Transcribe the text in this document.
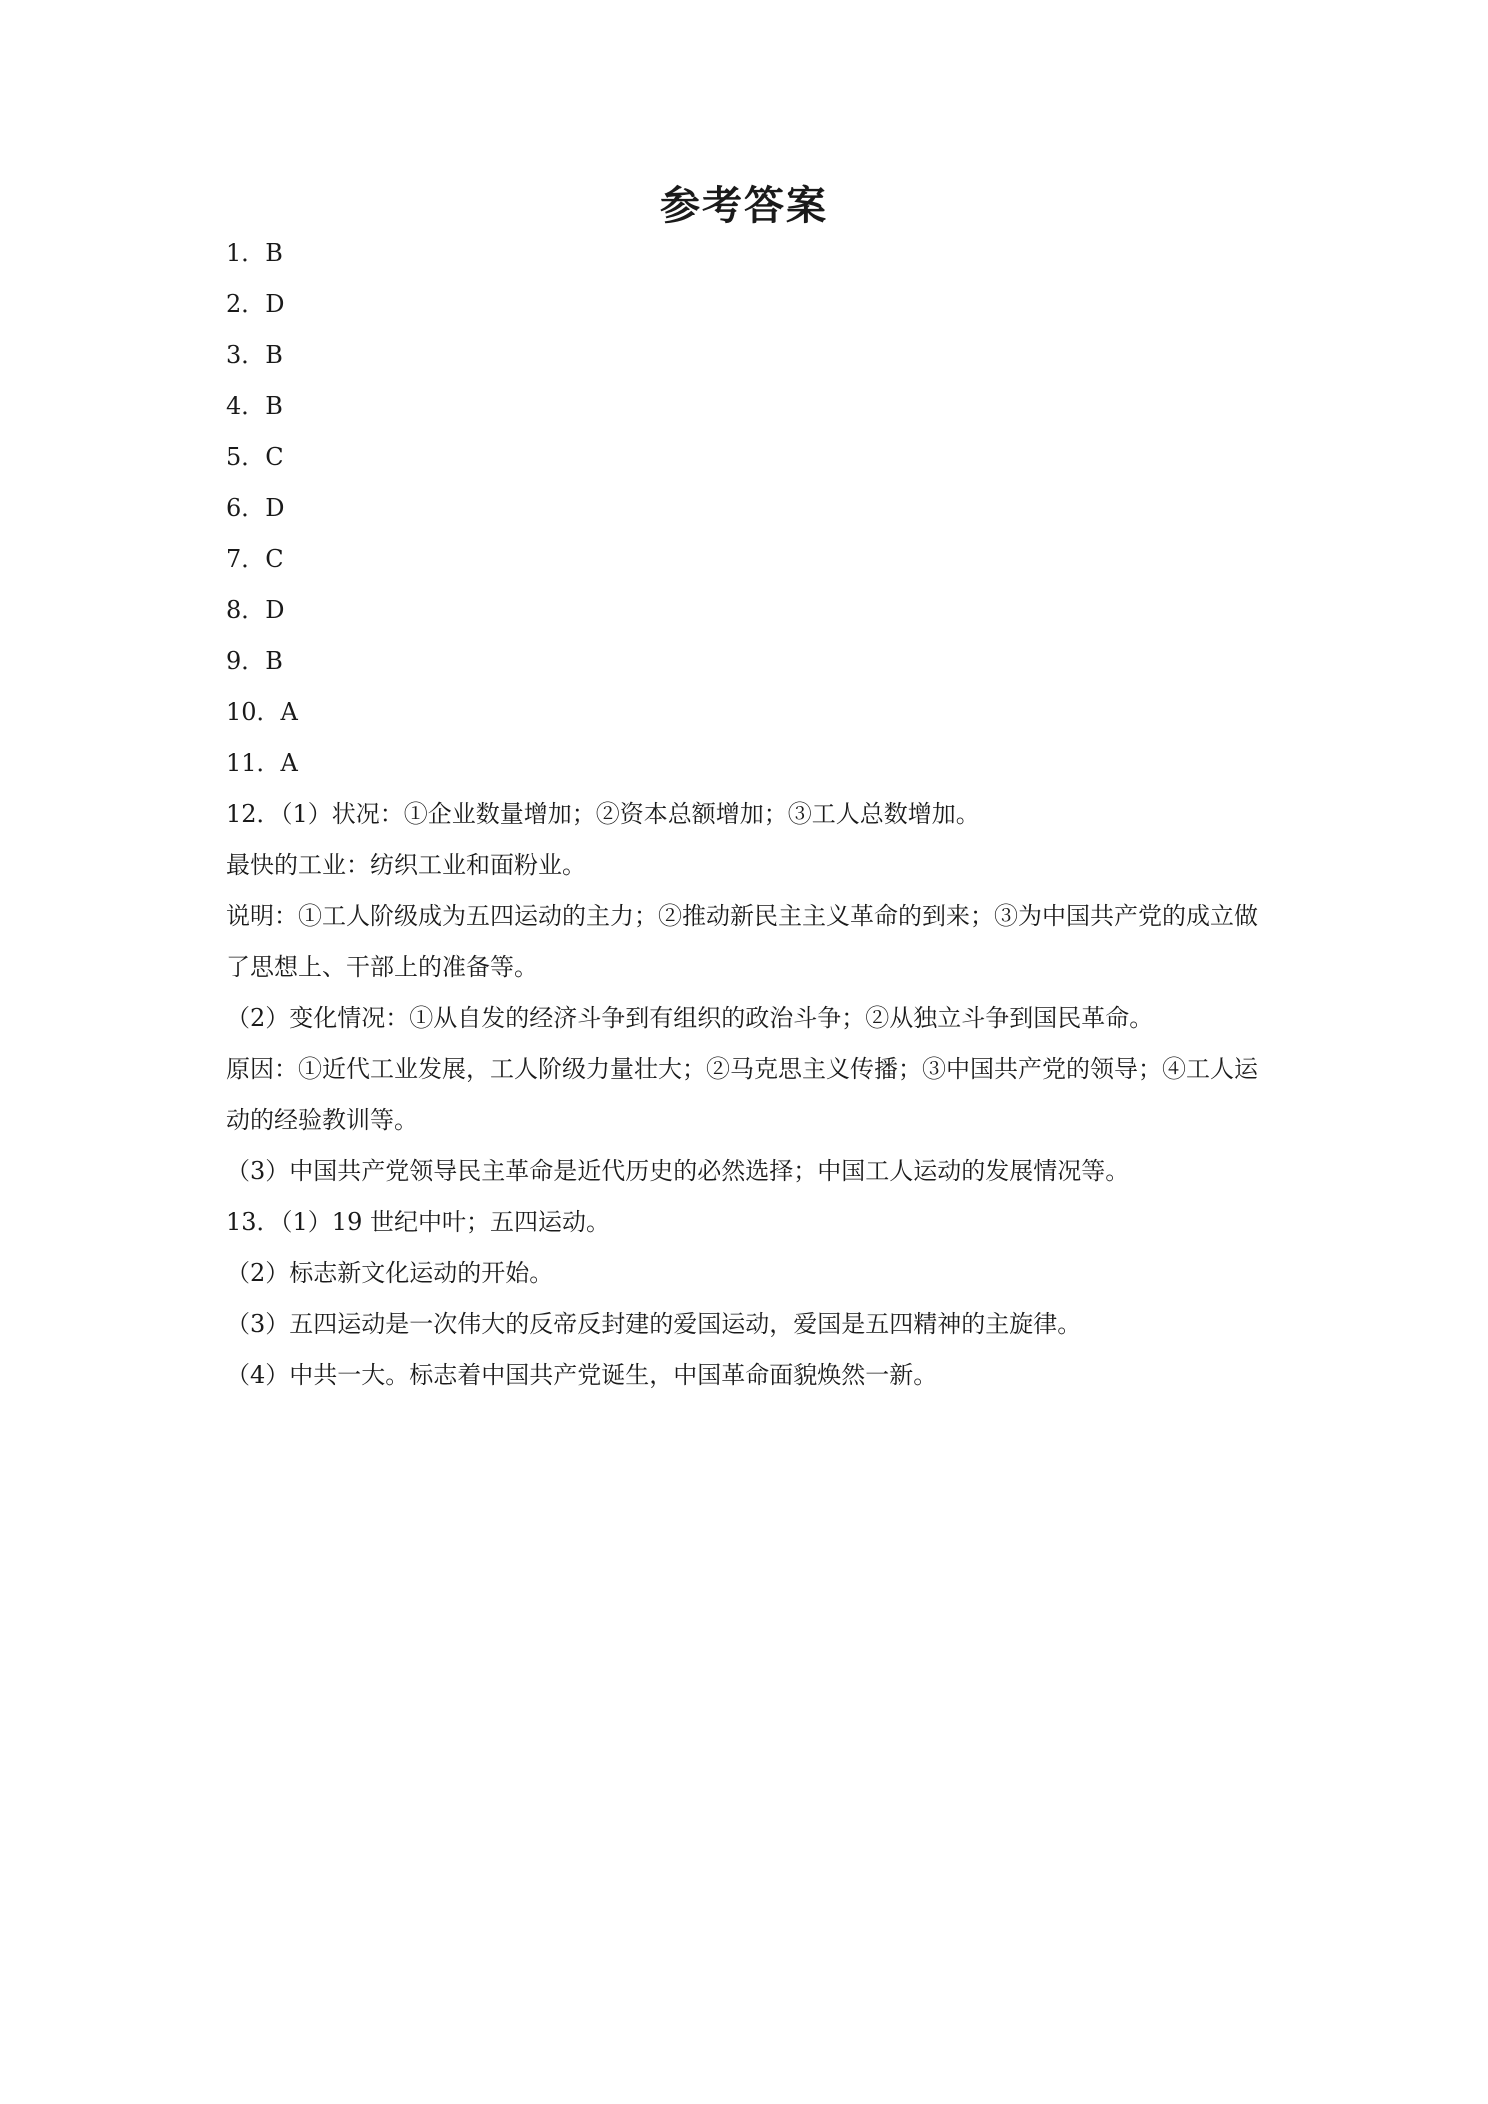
参考答案

1．B

2．D

3．B

4．B

5．C

6．D

7．C

8．D

9．B

10．A

11．A

12．（1）状况：①企业数量增加；②资本总额增加；③工人总数增加。

最快的工业：纺织工业和面粉业。

说明：①工人阶级成为五四运动的主力；②推动新民主主义革命的到来；③为中国共产党的成立做了思想上、干部上的准备等。

（2）变化情况：①从自发的经济斗争到有组织的政治斗争；②从独立斗争到国民革命。

原因：①近代工业发展，工人阶级力量壮大；②马克思主义传播；③中国共产党的领导；④工人运动的经验教训等。

（3）中国共产党领导民主革命是近代历史的必然选择；中国工人运动的发展情况等。

13．（1）19 世纪中叶；五四运动。

（2）标志新文化运动的开始。

（3）五四运动是一次伟大的反帝反封建的爱国运动，爱国是五四精神的主旋律。

（4）中共一大。标志着中国共产党诞生，中国革命面貌焕然一新。
